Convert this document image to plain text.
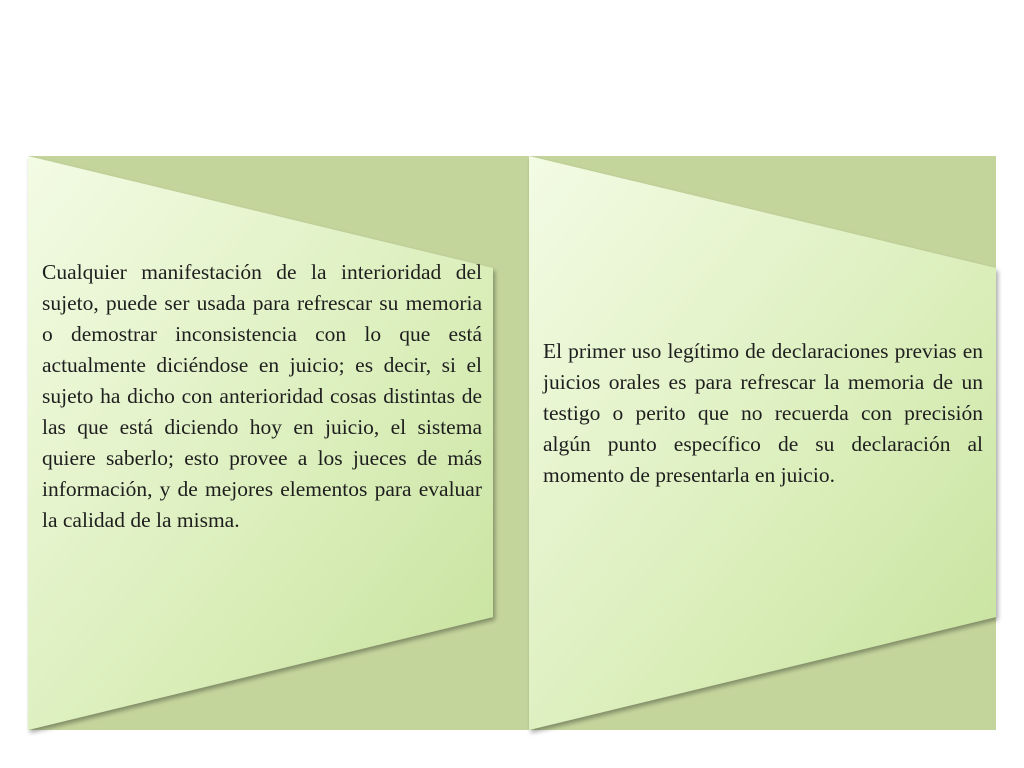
Cualquier manifestación de la interioridad del sujeto, puede ser usada para refrescar su memoria o demostrar inconsistencia con lo que está actualmente diciéndose en juicio; es decir, si el sujeto ha dicho con anterioridad cosas distintas de las que está diciendo hoy en juicio, el sistema quiere saberlo; esto provee a los jueces de más información, y de mejores elementos para evaluar la calidad de la misma.

El primer uso legítimo de declaraciones previas en juicios orales es para refrescar la memoria de un testigo o perito que no recuerda con precisión algún punto específico de su declaración al momento de presentarla en juicio.
